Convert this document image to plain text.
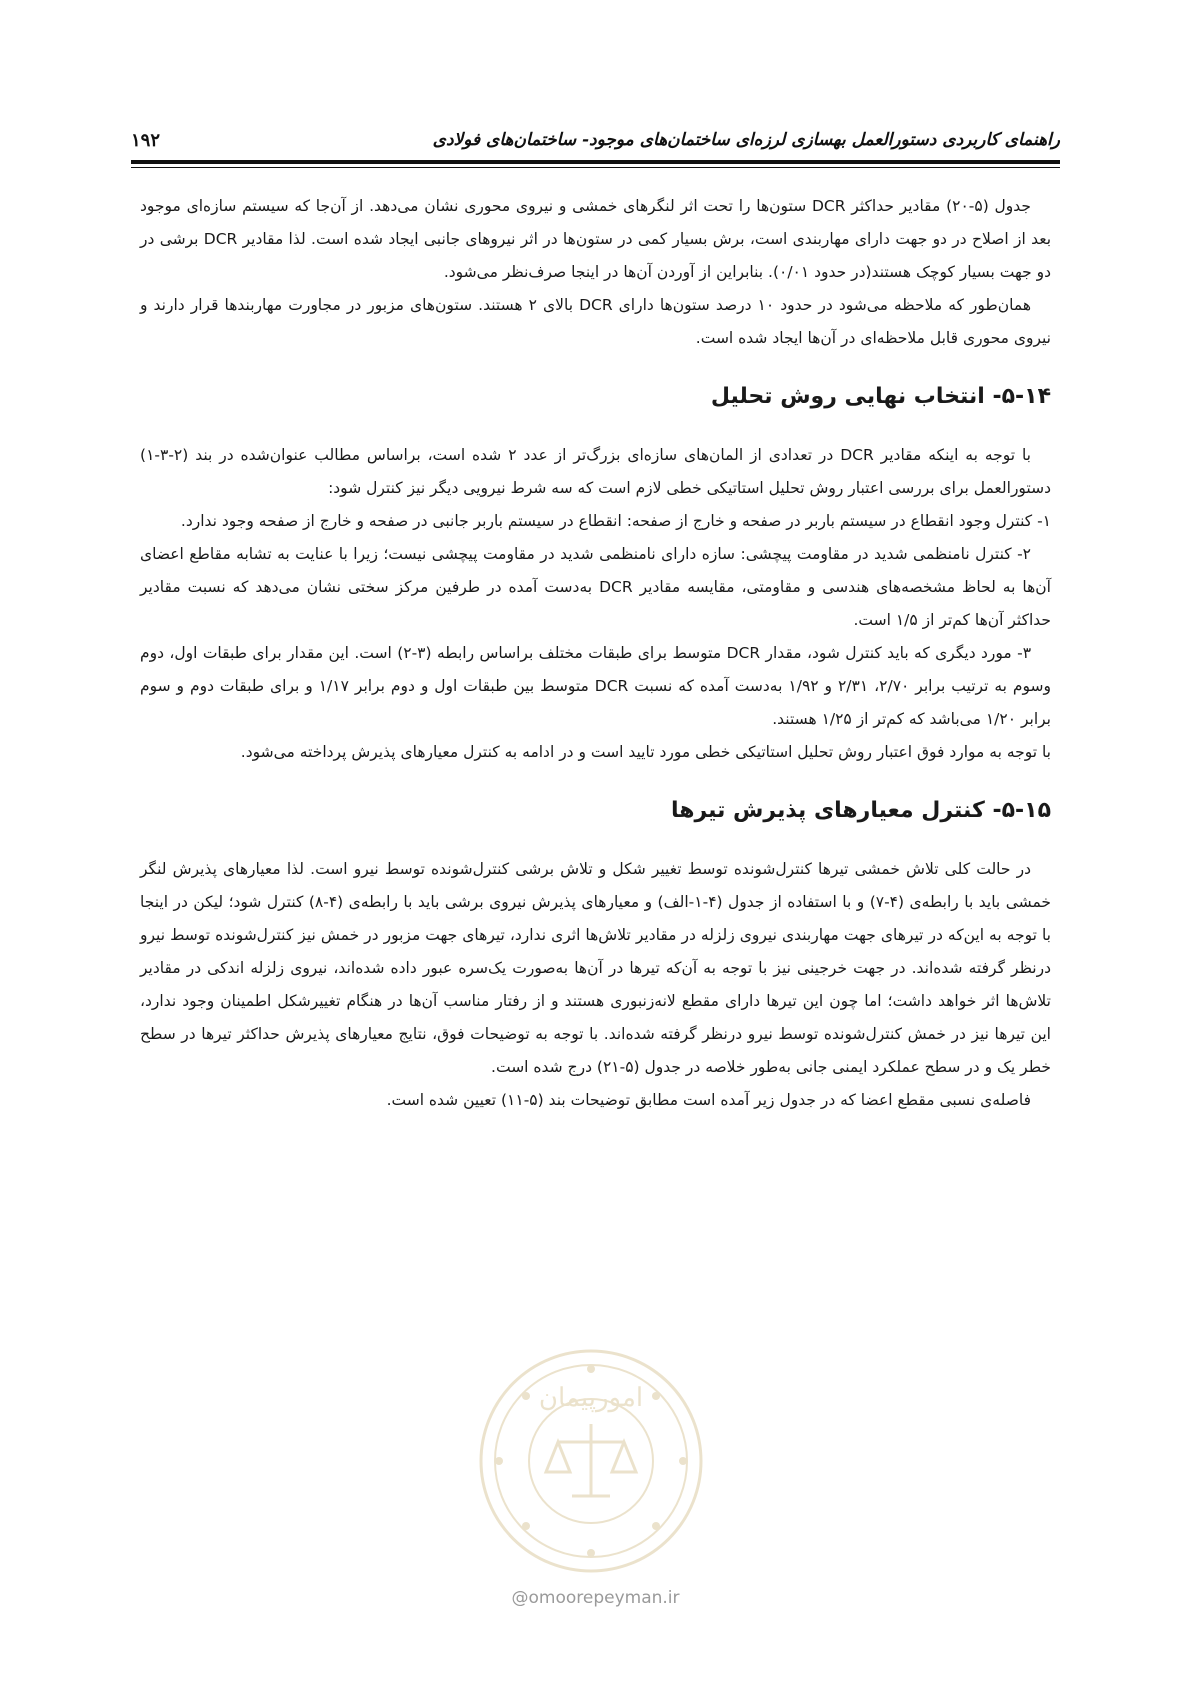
راهنمای کاربردی دستورالعمل بهسازی لرزه‌ای ساختمان‌های موجود- ساختمان‌های فولادی
۱۹۲

جدول (۵-۲۰) مقادیر حداکثر DCR ستون‌ها را تحت اثر لنگرهای خمشی و نیروی محوری نشان می‌دهد. از آن‌جا که سیستم سازه‌ای موجود بعد از اصلاح در دو جهت دارای مهاربندی است، برش بسیار کمی در ستون‌ها در اثر نیروهای جانبی ایجاد شده است. لذا مقادیر DCR برشی در دو جهت بسیار کوچک هستند(در حدود ۰/۰۱). بنابراین از آوردن آن‌ها در اینجا صرف‌نظر می‌شود.

همان‌طور که ملاحظه می‌شود در حدود ۱۰ درصد ستون‌ها دارای DCR بالای ۲ هستند. ستون‌های مزبور در مجاورت مهاربندها قرار دارند و نیروی محوری قابل ملاحظه‌ای در آن‌ها ایجاد شده است.

۵-۱۴- انتخاب نهایی روش تحلیل

با توجه به اینکه مقادیر DCR در تعدادی از المان‌های سازه‌ای بزرگ‌تر از عدد ۲ شده است، براساس مطالب عنوان‌شده در بند (۲-۳-۱) دستورالعمل برای بررسی اعتبار روش تحلیل استاتیکی خطی لازم است که سه شرط نیرویی دیگر نیز کنترل شود:

۱- کنترل وجود انقطاع در سیستم باربر در صفحه و خارج از صفحه: انقطاع در سیستم باربر جانبی در صفحه و خارج از صفحه وجود ندارد.

۲- کنترل نامنظمی شدید در مقاومت پیچشی: سازه دارای نامنظمی شدید در مقاومت پیچشی نیست؛ زیرا با عنایت به تشابه مقاطع اعضای آن‌ها به لحاظ مشخصه‌های هندسی و مقاومتی، مقایسه مقادیر DCR به‌دست آمده در طرفین مرکز سختی نشان می‌دهد که نسبت مقادیر حداکثر آن‌ها کم‌تر از ۱/۵ است.

۳- مورد دیگری که باید کنترل شود، مقدار DCR متوسط برای طبقات مختلف براساس رابطه (۳-۲) است. این مقدار برای طبقات اول، دوم وسوم به ترتیب برابر ۲/۷۰، ۲/۳۱ و ۱/۹۲ به‌دست آمده که نسبت DCR متوسط بین طبقات اول و دوم برابر ۱/۱۷ و برای طبقات دوم و سوم برابر ۱/۲۰ می‌باشد که کم‌تر از ۱/۲۵ هستند.

با توجه به موارد فوق اعتبار روش تحلیل استاتیکی خطی مورد تایید است و در ادامه به کنترل معیارهای پذیرش پرداخته می‌شود.

۵-۱۵- کنترل معیارهای پذیرش تیرها

در حالت کلی تلاش خمشی تیرها کنترل‌شونده توسط تغییر شکل و تلاش برشی کنترل‌شونده توسط نیرو است. لذا معیارهای پذیرش لنگر خمشی باید با رابطه‌ی (۴-۷) و با استفاده از جدول (۴-۱-الف) و معیارهای پذیرش نیروی برشی باید با رابطه‌ی (۴-۸) کنترل شود؛ لیکن در اینجا با توجه به این‌که در تیرهای جهت مهاربندی نیروی زلزله در مقادیر تلاش‌ها اثری ندارد، تیرهای جهت مزبور در خمش نیز کنترل‌شونده توسط نیرو درنظر گرفته شده‌اند. در جهت خرجینی نیز با توجه به آن‌که تیرها در آن‌ها به‌صورت یک‌سره عبور داده شده‌اند، نیروی زلزله اندکی در مقادیر تلاش‌ها اثر خواهد داشت؛ اما چون این تیرها دارای مقطع لانه‌زنبوری هستند و از رفتار مناسب آن‌ها در هنگام تغییرشکل اطمینان وجود ندارد، این تیرها نیز در خمش کنترل‌شونده توسط نیرو درنظر گرفته شده‌اند. با توجه به توضیحات فوق، نتایج معیارهای پذیرش حداکثر تیرها در سطح خطر یک و در سطح عملکرد ایمنی جانی به‌طور خلاصه در جدول (۵-۲۱) درج شده است.

فاصله‌ی نسبی مقطع اعضا که در جدول زیر آمده است مطابق توضیحات بند (۵-۱۱) تعیین شده است.

امورپیمان
@omoorepeyman.ir
